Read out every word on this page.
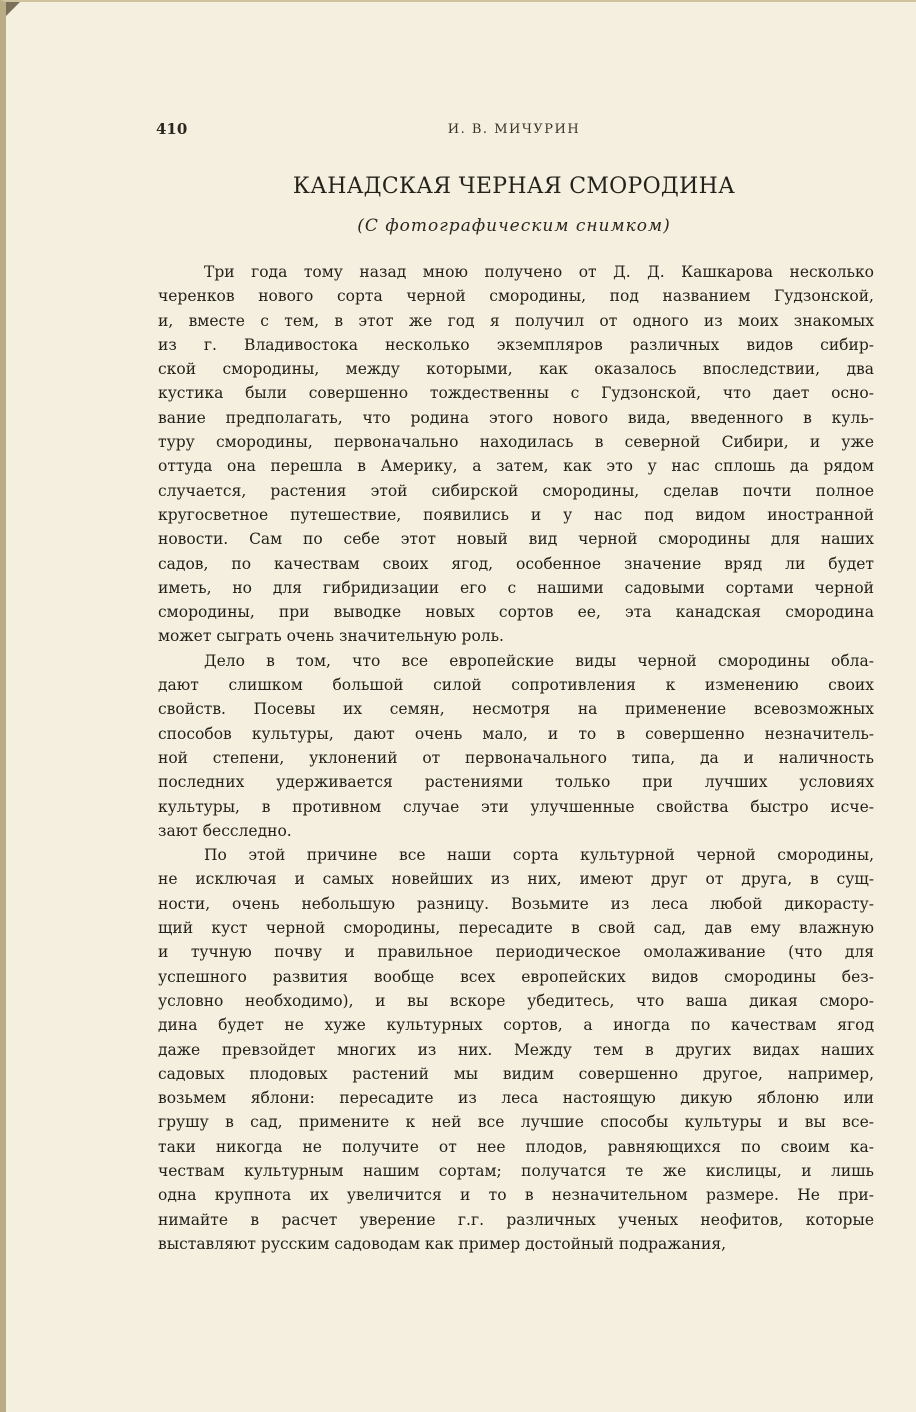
410	И. В. МИЧУРИН
КАНАДСКАЯ ЧЕРНАЯ СМОРОДИНА
(С фотографическим снимком)
Три года тому назад мною получено от Д. Д. Кашкарова несколько
черенков нового сорта черной смородины, под названием Гудзонской,
и, вместе с тем, в этот же год я получил от одного из моих знакомых
из г. Владивостока несколько экземпляров различных видов сибир-
ской смородины, между которыми, как оказалось впоследствии, два
кустика были совершенно тождественны с Гудзонской, что дает осно-
вание предполагать, что родина этого нового вида, введенного в куль-
туру смородины, первоначально находилась в северной Сибири, и уже
оттуда она перешла в Америку, а затем, как это у нас сплошь да рядом
случается, растения этой сибирской смородины, сделав почти полное
кругосветное путешествие, появились и у нас под видом иностранной
новости. Сам по себе этот новый вид черной смородины для наших
садов, по качествам своих ягод, особенное значение вряд ли будет
иметь, но для гибридизации его с нашими садовыми сортами черной
смородины, при выводке новых сортов ее, эта канадская смородина
может сыграть очень значительную роль.
Дело в том, что все европейские виды черной смородины обла-
дают слишком большой силой сопротивления к изменению своих
свойств. Посевы их семян, несмотря на применение всевозможных
способов культуры, дают очень мало, и то в совершенно незначитель-
ной степени, уклонений от первоначального типа, да и наличность
последних удерживается растениями только при лучших условиях
культуры, в противном случае эти улучшенные свойства быстро исче-
зают бесследно.
По этой причине все наши сорта культурной черной смородины,
не исключая и самых новейших из них, имеют друг от друга, в сущ-
ности, очень небольшую разницу. Возьмите из леса любой дикорасту-
щий куст черной смородины, пересадите в свой сад, дав ему влажную
и тучную почву и правильное периодическое омолаживание (что для
успешного развития вообще всех европейских видов смородины без-
условно необходимо), и вы вскоре убедитесь, что ваша дикая сморо-
дина будет не хуже культурных сортов, а иногда по качествам ягод
даже превзойдет многих из них. Между тем в других видах наших
садовых плодовых растений мы видим совершенно другое, например,
возьмем яблони: пересадите из леса настоящую дикую яблоню или
грушу в сад, примените к ней все лучшие способы культуры и вы все-
таки никогда не получите от нее плодов, равняющихся по своим ка-
чествам культурным нашим сортам; получатся те же кислицы, и лишь
одна крупнота их увеличится и то в незначительном размере. Не при-
нимайте в расчет уверение г.г. различных ученых неофитов, которые
выставляют русским садоводам как пример достойный подражания,
